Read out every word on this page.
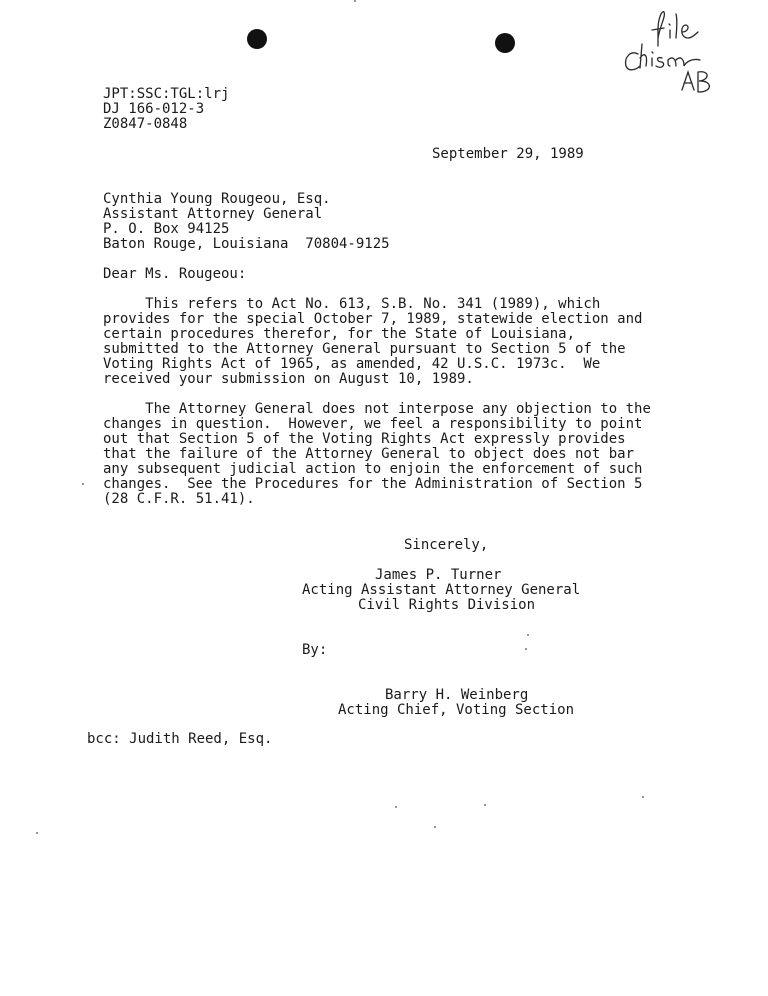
JPT:SSC:TGL:lrj
DJ 166-012-3
Z0847-0848
September 29, 1989
Cynthia Young Rougeou, Esq.
Assistant Attorney General
P. O. Box 94125
Baton Rouge, Louisiana  70804-9125
Dear Ms. Rougeou:
This refers to Act No. 613, S.B. No. 341 (1989), which
provides for the special October 7, 1989, statewide election and
certain procedures therefor, for the State of Louisiana,
submitted to the Attorney General pursuant to Section 5 of the
Voting Rights Act of 1965, as amended, 42 U.S.C. 1973c.  We
received your submission on August 10, 1989.
The Attorney General does not interpose any objection to the
changes in question.  However, we feel a responsibility to point
out that Section 5 of the Voting Rights Act expressly provides
that the failure of the Attorney General to object does not bar
any subsequent judicial action to enjoin the enforcement of such
changes.  See the Procedures for the Administration of Section 5
(28 C.F.R. 51.41).
Sincerely,
James P. Turner
Acting Assistant Attorney General
Civil Rights Division
By:
Barry H. Weinberg
Acting Chief, Voting Section
bcc: Judith Reed, Esq.
